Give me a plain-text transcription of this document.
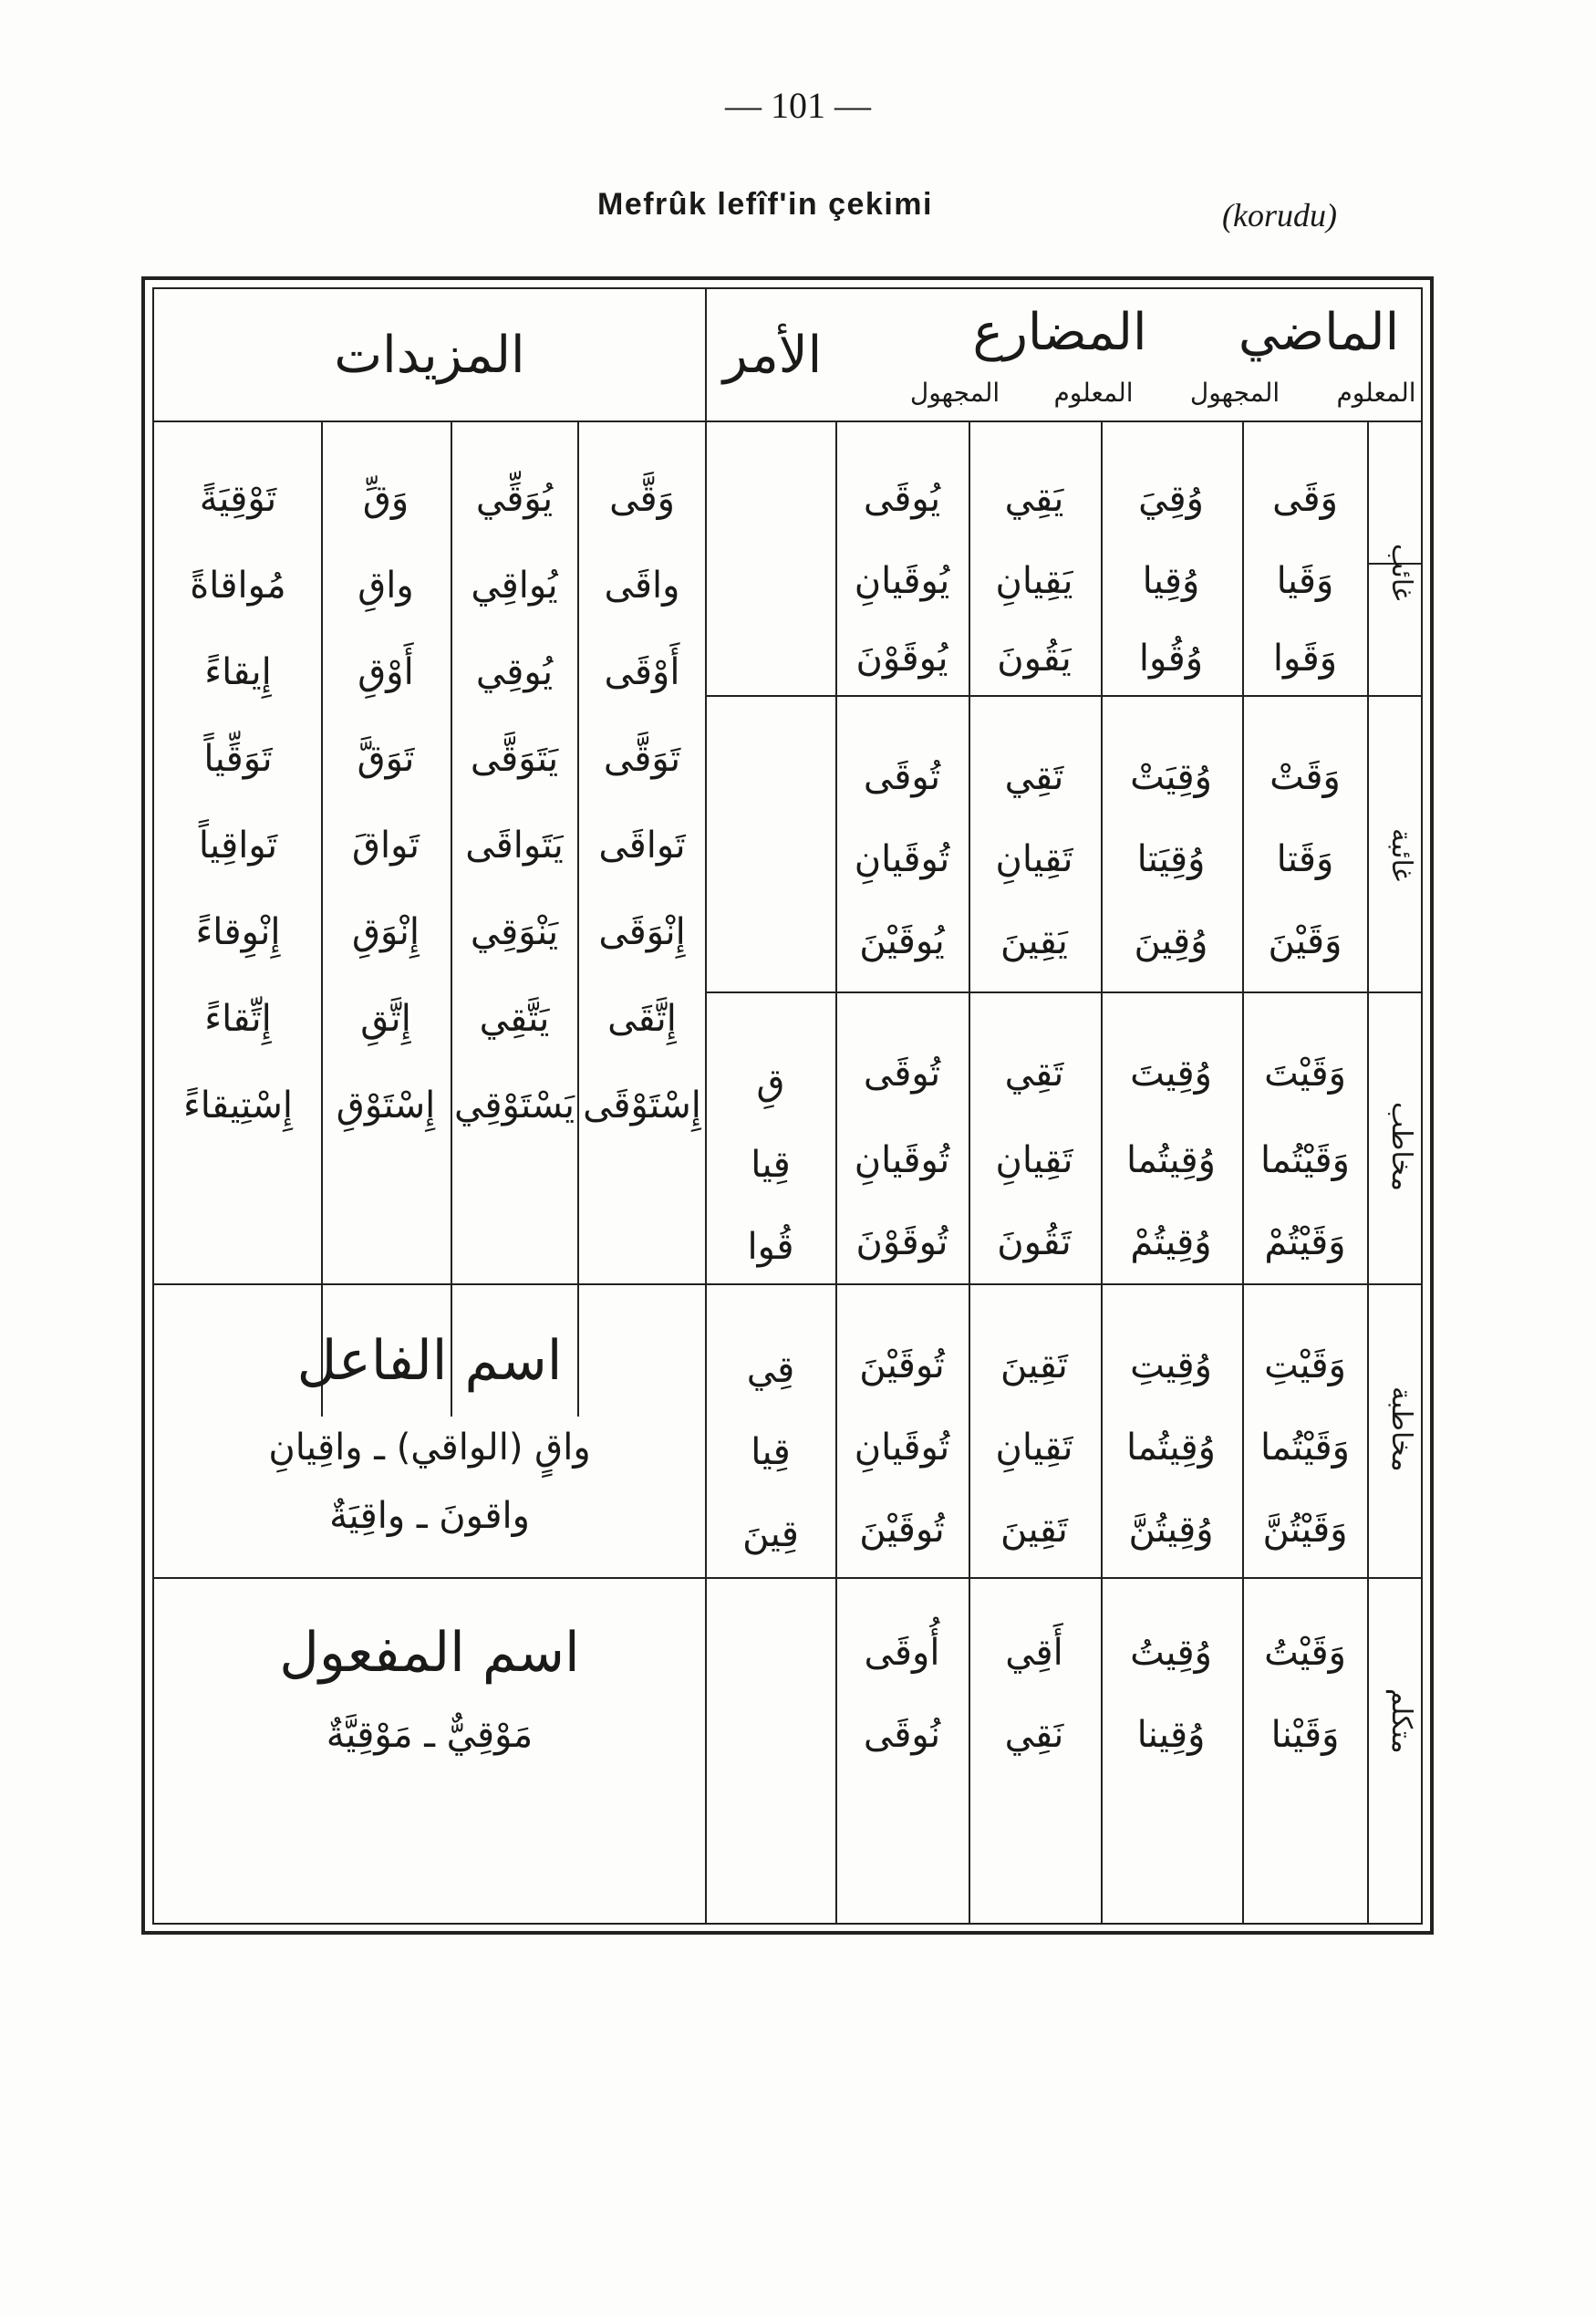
— 101 —
Mefrûk lefîf'in çekimi	(korudu)
الماضي
المضارع
الأمر
المعلوم
المجهول
المعلوم
المجهول
المزيدات
غائب
غائبة
مخاطب
مخاطبة
متكلم
وَقَى
وَقَيا
وَقَوا
وُقِيَ
وُقِيا
وُقُوا
يَقِي
يَقِيانِ
يَقُونَ
يُوقَى
يُوقَيانِ
يُوقَوْنَ
وَقَتْ
وَقَتا
وَقَيْنَ
وُقِيَتْ
وُقِيَتا
وُقِينَ
تَقِي
تَقِيانِ
يَقِينَ
تُوقَى
تُوقَيانِ
يُوقَيْنَ
وَقَيْتَ
وَقَيْتُما
وَقَيْتُمْ
وُقِيتَ
وُقِيتُما
وُقِيتُمْ
تَقِي
تَقِيانِ
تَقُونَ
تُوقَى
تُوقَيانِ
تُوقَوْنَ
قِ
قِيا
قُوا
وَقَيْتِ
وَقَيْتُما
وَقَيْتُنَّ
وُقِيتِ
وُقِيتُما
وُقِيتُنَّ
تَقِينَ
تَقِيانِ
تَقِينَ
تُوقَيْنَ
تُوقَيانِ
تُوقَيْنَ
قِي
قِيا
قِينَ
وَقَيْتُ
وَقَيْنا
وُقِيتُ
وُقِينا
أَقِي
نَقِي
أُوقَى
نُوقَى
وَقَّى
واقَى
أَوْقَى
تَوَقَّى
تَواقَى
إِنْوَقَى
إِتَّقَى
إِسْتَوْقَى
يُوَقِّي
يُواقِي
يُوقِي
يَتَوَقَّى
يَتَواقَى
يَنْوَقِي
يَتَّقِي
يَسْتَوْقِي
وَقِّ
واقِ
أَوْقِ
تَوَقَّ
تَواقَ
إِنْوَقِ
إِتَّقِ
إِسْتَوْقِ
تَوْقِيَةً
مُواقاةً
إِيقاءً
تَوَقِّياً
تَواقِياً
إِنْوِقاءً
إِتِّقاءً
إِسْتِيقاءً
اسم الفاعل
واقٍ (الواقي) ـ واقِيانِ
واقونَ ـ واقِيَةٌ
اسم المفعول
مَوْقِيٌّ ـ مَوْقِيَّةٌ
